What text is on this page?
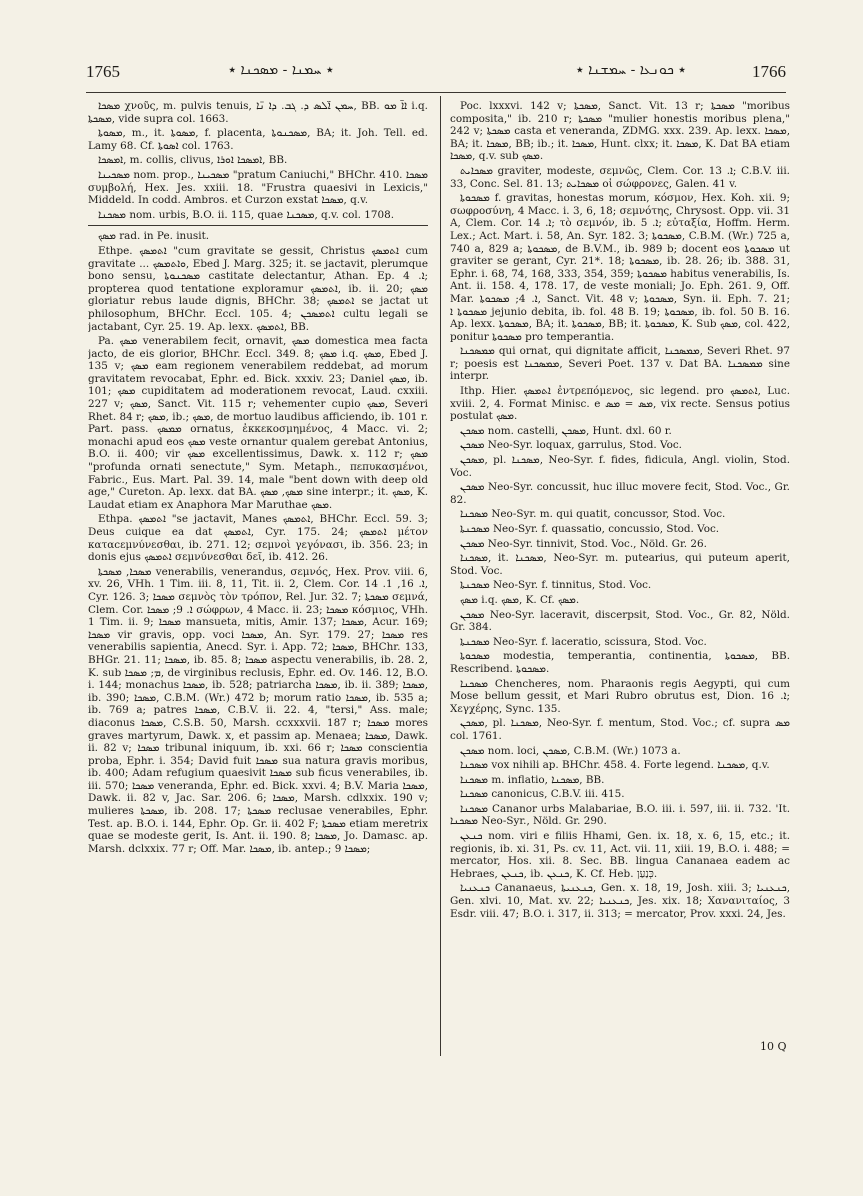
1765	٭ ܚܡܢܐ - ܡܣܟܢܐ ٭	٭ ܟܘܢܥܐ - ܚܡܫܢܐ ٭	1766

ܡܣܟܐ χνοῦς, m. pulvis tenuis, ܚܡܢ ܐ̈ܠܣ ܕ. ܓܒ. ܕܐ ܢ̈ܐ, BB. ܐܐ̈ ܡܘ i.q. ܡܣܟܬܐ, vide supra col. 1663.

ܡܣܘܬܐ, m., it. ܡܣܘܬܐ, f. placenta, ܡܣܟܢܘܬܐ, BA; it. Joh. Tell. ed. Lamy 68. Cf. ܐܣܘܬܐ col. 1763.

ܐܡܣܟܐ, m. collis, clivus, ܐܡܣܟܐ ܐܘܪܐ, BB.

ܡܣܟܝܢܐ nom. prop., ܡܣܟܝܢܐ "pratum Caniuchi," BHChr. 410. ܡܣܟܐ συμβολή, Hex. Jes. xxiii. 18. "Frustra quaesivi in Lexicis," Middeld. In codd. Ambros. et Curzon exstat ܡܣܟܐ, q.v.

ܡܣܟܢܐ nom. urbis, B.O. ii. 115, quae ܡܣܟܢܐ, q.v. col. 1708.

ܡܣܟ rad. in Pe. inusit.

Ethpe. ܐܬܡܣܟ "cum gravitate se gessit, Christus ܐܬܡܣܟ cum gravitate ... ܘܐܬܡܣܟ, Ebed J. Marg. 325; it. se jactavit, plerumque bono sensu, ܡܣܟܢܘܬܐ castitate delectantur, Athan. Ep. ܐ. 4; propterea quod tentatione exploramur ܐܬܡܣܟ, ib. ii. 20; ܡܣܟ gloriatur rebus laude dignis, BHChr. 38; ܐܬܡܣܟ se jactat ut philosophum, BHChr. Eccl. 105. 4; ܐܬܡܣܟܢ cultu legali se jactabant, Cyr. 25. 19. Ap. lexx. ܐܬܡܣܟ, BB.

Pa. ܡܣܟ venerabilem fecit, ornavit, ܡܣܟ domestica mea facta jacto, de eis glorior, BHChr. Eccl. 349. 8; ܡܣܟ i.q. ܡܣܟ, Ebed J. 135 v; ܡܣܟ eam regionem venerabilem reddebat, ad morum gravitatem revocabat, Ephr. ed. Bick. xxxiv. 23; Daniel ܡܣܟ, ib. 101; ܡܣܟ cupiditatem ad moderationem revocat, Laud. cxxiii. 227 v; ܡܣܟ, Sanct. Vit. 115 r; vehementer cupio ܡܣܟ, Severi Rhet. 84 r; ܡܣܟ, ib.; ܡܣܟ, de mortuo laudibus afficiendo, ib. 101 r. Part. pass. ܡܡܣܟ ornatus, ἐκκεκοσμημένος, 4 Macc. vi. 2; monachi apud eos ܡܣܟ veste ornantur qualem gerebat Antonius, B.O. ii. 400; vir ܡܣܟ excellentissimus, Dawk. x. 112 r; ܡܣܟ "profunda ornati senectute," Sym. Metaph., πεπυκασμένοι, Fabric., Eus. Mart. Pal. 39. 14, male "bent down with deep old age," Cureton. Ap. lexx. dat BA. ܡܣܟ, ܡܣܟ sine interpr.; it. ܡܣܟ, K. Laudat etiam ex Anaphora Mar Maruthae ܡܣܟ.

Ethpa. ܐܬܡܣܟ "se jactavit, Manes ܐܬܡܣܟ, BHChr. Eccl. 59. 3; Deus cuique ea dat ܐܬܡܣܟ, Cyr. 175. 24; ܐܬܡܣܟ μέτον καταcεμνύνεσθαι, ib. 271. 12; σεμνοὶ γεγόνασι, ib. 356. 23; in donis ejus ܐܬܡܣܟ σεμνύνεσθαι δεῖ, ib. 412. 26.

ܡܣܟܐ, ܡܣܟܬܐ venerabilis, venerandus, σεμνός, Hex. Prov. viii. 6, xv. 26, VHh. 1 Tim. iii. 8, 11, Tit. ii. 2, Clem. Cor. ܐ. 16, 1. 14, Cyr. 126. 3; ܡܣܟܐ σεμνὸς τὸν τρόπον, Rel. Jur. 32. 7; ܡܣܟܬܐ σεμνά, Clem. Cor. ܐ. 9; ܡܣܟܐ σώφρων, 4 Macc. ii. 23; ܡܣܟܐ κόσμιος, VHh. 1 Tim. ii. 9; ܡܣܟܐ mansueta, mitis, Amir. 137; ܡܣܟܐ, Acur. 169; ܡܣܟܐ vir gravis, opp. voci ܡܣܟܐ, An. Syr. 179. 27; ܡܣܟܐ res venerabilis sapientia, Anecd. Syr. i. App. 72; ܡܣܟܐ, BHChr. 133, BHGr. 21. 11; ܡܣܟܐ, ib. 85. 8; ܡܣܟܐ aspectu venerabilis, ib. 28. 2, K. sub ܡ; ܡܣܟܐ, de virginibus reclusis, Ephr. ed. Ov. 146. 12, B.O. i. 144; monachus ܡܣܟܐ, ib. 528; patriarcha ܡܣܟܐ, ib. ii. 389; ܡܣܟܐ, ib. 390; ܡܣܟܐ, C.B.M. (Wr.) 472 b; morum ratio ܡܣܟܐ, ib. 535 a; ib. 769 a; patres ܡܣܟܐ, C.B.V. ii. 22. 4, "tersi," Ass. male; diaconus ܡܣܟܐ, C.S.B. 50, Marsh. ccxxxvii. 187 r; ܡܣܟܐ mores graves martyrum, Dawk. x, et passim ap. Menaea; ܡܣܟܐ, Dawk. ii. 82 v; ܡܣܟܐ tribunal iniquum, ib. xxi. 66 r; ܡܣܟܐ conscientia proba, Ephr. i. 354; David fuit ܡܣܟܐ sua natura gravis moribus, ib. 400; Adam refugium quaesivit ܡܣܟܐ sub ficus venerabiles, ib. iii. 570; ܡܣܟܐ veneranda, Ephr. ed. Bick. xxvi. 4; B.V. Maria ܡܣܟܐ, Dawk. ii. 82 v, Jac. Sar. 206. 6; ܡܣܟܐ, Marsh. cdlxxix. 190 v; mulieres ܡܣܟܬܐ, ib. 208. 17; ܡܣܟܬܐ reclusae venerabiles, Ephr. Test. ap. B.O. i. 144, Ephr. Op. Gr. ii. 402 F; ܡܣܟܬܐ etiam meretrix quae se modeste gerit, Is. Ant. ii. 190. 8; ܡܣܟܐ, Jo. Damasc. ap. Marsh. dclxxix. 77 r; Off. Mar. ܡܣܟܐ, ib. antep.; ܡܣܟܐ 9;

Poc. lxxxvi. 142 v; ܡܣܟܬܐ, Sanct. Vit. 13 r; ܡܣܟܬܐ "moribus composita," ib. 210 r; ܡܣܟܬܐ "mulier honestis moribus plena," 242 v; ܡܣܟܬܐ casta et veneranda, ZDMG. xxx. 239. Ap. lexx. ܡܣܟܐ, BA; it. ܡܣܟܐ, BB; ib.; it. ܡܣܟܐ, Hunt. clxx; it. ܡܣܟܐ, K. Dat BA etiam ܡܣܟܐ, q.v. sub ܡܣܟ.

ܡܣܟܐܝܬ graviter, modeste, σεμνῶς, Clem. Cor. ܐ. 13; C.B.V. iii. 33, Conc. Sel. 81. 13; ܡܣܟܐܝܬ οἱ σώφρονες, Galen. 41 v.

ܡܣܟܘܬܐ f. gravitas, honestas morum, κόσμον, Hex. Koh. xii. 9; σωφροσύνη, 4 Macc. i. 3, 6, 18; σεμνότης, Chrysost. Opp. vii. 31 A, Clem. Cor. ܐ. 14; τὸ σεμνόν, ib. ܐ. 5; εὐταξία, Hoffm. Herm. Lex.; Act. Mart. i. 58, An. Syr. 182. 3; ܡܣܟܘܬܐ, C.B.M. (Wr.) 725 a, 740 a, 829 a; ܡܣܟܘܬܐ, de B.V.M., ib. 989 b; docent eos ܡܣܟܘܬܐ ut graviter se gerant, Cyr. 21*. 18; ܡܣܟܘܬܐ, ib. 28. 26; ib. 388. 31, Ephr. i. 68, 74, 168, 333, 354, 359; ܡܣܟܘܬܐ habitus venerabilis, Is. Ant. ii. 158. 4, 178. 17, de veste moniali; Jo. Eph. 261. 9, Off. Mar. ܐ. 4; ܡܣܟܘܬܐ, Sanct. Vit. 48 v; ܡܣܟܘܬܐ, Syn. ii. Eph. 7. 21; ܡܣܟܘܬܐ ܐ jejunio debita, ib. fol. 48 B. 19; ܡܣܟܘܬܐ, ib. fol. 50 B. 16. Ap. lexx. ܡܣܟܘܬܐ, BA; it. ܡܣܟܘܬܐ, BB; it. ܡܣܟܘܬܐ, K. Sub ܡܣܟ, col. 422, ponitur ܡܣܟܘܬܐ pro temperantia.

ܡܡܣܟܢܐ qui ornat, qui dignitate afficit, ܡܡܣܟܢܐ, Severi Rhet. 97 r; poesis est ܡܡܣܟܢܐ, Severi Poet. 137 v. Dat BA. ܡܡܣܟܢܐ sine interpr.

Ithp. Hier. ܐܬܡܣܟ ἐντρεπόμενος, sic legend. pro ܐܬܡܣܟ, Luc. xviii. 2, 4. Format Minisc. e ܡܣ = ܡܣ, vix recte. Sensus potius postulat ܡܣܟ.

ܡܣܟܢ nom. castelli, ܡܣܟܢ, Hunt. dxl. 60 r.

ܡܣܟܢ Neo-Syr. loquax, garrulus, Stod. Voc.

ܡܣܟܢ, pl. ܡܣܟܢܐ, Neo-Syr. f. fides, fidicula, Angl. violin, Stod. Voc.

ܡܣܟܢ Neo-Syr. concussit, huc illuc movere fecit, Stod. Voc., Gr. 82.

ܡܣܟܢܐ Neo-Syr. m. qui quatit, concussor, Stod. Voc.

ܡܣܟܢܬܐ Neo-Syr. f. quassatio, concussio, Stod. Voc.

ܡܣܟܢ Neo-Syr. tinnivit, Stod. Voc., Nöld. Gr. 26.

ܡܣܟܢܐ, it. ܡܣܟܢܐ, Neo-Syr. m. putearius, qui puteum aperit, Stod. Voc.

ܡܣܟܢܬܐ Neo-Syr. f. tinnitus, Stod. Voc.

ܡܣܟ i.q. ܡܣܟ, K. Cf. ܡܣܟ.

ܡܣܟܢ Neo-Syr. laceravit, discerpsit, Stod. Voc., Gr. 82, Nöld. Gr. 384.

ܡܣܟܢܬܐ Neo-Syr. f. laceratio, scissura, Stod. Voc.

ܡܣܟܘܬܐ modestia, temperantia, continentia, ܡܣܟܘܬܐ, BB. Rescribend. ܡܣܟܘܬܐ.

ܡܣܟܢܐ Chencheres, nom. Pharaonis regis Aegypti, qui cum Mose bellum gessit, et Mari Rubro obrutus est, Dion. ܐ. 16; Χεγχέρης, Sync. 135.

ܡܣܟܢ, pl. ܡܣܟܢܐ, Neo-Syr. f. mentum, Stod. Voc.; cf. supra ܡܣ col. 1761.

ܡܣܟܢ nom. loci, ܡܣܟܢ, C.B.M. (Wr.) 1073 a.

ܡܣܟܢܐ vox nihili ap. BHChr. 458. 4. Forte legend. ܡܣܟܢܐ, q.v.

ܡܣܟܢܐ m. inflatio, ܡܣܟܢܐ, BB.

ܡܣܟܢܐ canonicus, C.B.V. iii. 415.

ܡܣܟܢܐ Cananor urbs Malabariae, B.O. iii. i. 597, iii. ii. 732. 'It. ܡܣܟܢܐ Neo-Syr., Nöld. Gr. 290.

ܟܢܥܢ nom. viri e filiis Hhami, Gen. ix. 18, x. 6, 15, etc.; it. regionis, ib. xi. 31, Ps. cv. 11, Act. vii. 11, xiii. 19, B.O. i. 488; = mercator, Hos. xii. 8. Sec. BB. lingua Cananaea eadem ac Hebraes, ܟܢܥܢ, ib. ܟܢܥܢ, K. Cf. Heb. כְּנַעַן.

ܟܢܥܢܝܐ Cananaeus, ܟܢܥܢܝܬܐ, Gen. x. 18, 19, Josh. xiii. 3; ܟܢܥܢܝܐ, Gen. xlvi. 10, Mat. xv. 22; ܟܢܥܢܝܐ, Jes. xix. 18; Χανανιταίος, 3 Esdr. viii. 47; B.O. i. 317, ii. 313; = mercator, Prov. xxxi. 24, Jes.

10 Q
